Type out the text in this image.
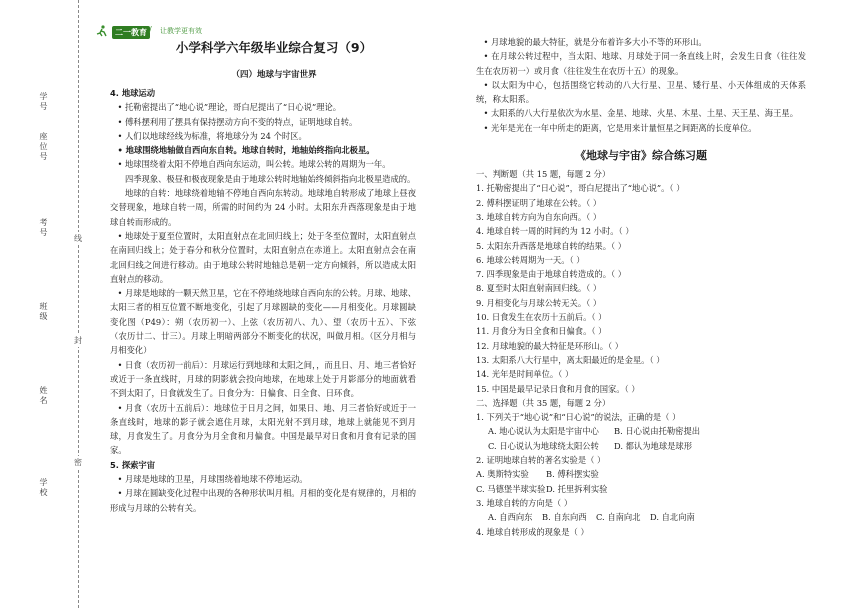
学号
座位号
考号
班级
姓名
学校
线
封
密
二一教育 / 让教学更有效
小学科学六年级毕业综合复习（9）
（四）地球与宇宙世界

4. 地球运动

• 托勒密提出了“地心说”理论，哥白尼提出了“日心说”理论。

• 傅科摆利用了摆具有保持摆动方向不变的特点，证明地球自转。

• 人们以地球经线为标准，将地球分为 24 个时区。

• 地球围绕地轴做自西向东自转。地球自转时，地轴始终指向北极星。

• 地球围绕着太阳不停地自西向东运动，叫公转。地球公转的周期为一年。

四季现象、极昼和极夜现象是由于地球公转时地轴始终倾斜指向北极星造成的。

地球的自转：地球绕着地轴不停地自西向东转动。地球地自转形成了地球上昼夜交替现象，地球自转一周，所需的时间约为 24 小时。太阳东升西落现象是由于地球自转而形成的。

• 地球处于夏至位置时，太阳直射点在北回归线上；处于冬至位置时，太阳直射点在南回归线上；处于春分和秋分位置时，太阳直射点在赤道上。太阳直射点会在南北回归线之间进行移动。由于地球公转时地轴总是朝一定方向倾斜，所以造成太阳直射点的移动。

• 月球是地球的一颗天然卫星，它在不停地绕地球自西向东的公转。月球、地球、太阳三者的相互位置不断地变化，引起了月球圆缺的变化——月相变化。月球圆缺变化图（P49）：朔（农历初一）、上弦（农历初八、九）、望（农历十五）、下弦（农历廿二、廿三）。月球上明暗两部分不断变化的状况，叫做月相。（区分月相与月相变化）

• 日食（农历初一前后）：月球运行到地球和太阳之间，，而且日、月、地三者恰好或近于一条直线时，月球的阴影就会投向地球，在地球上处于月影部分的地面就看不到太阳了，日食就发生了。日食分为：日偏食、日全食、日环食。

• 月食（农历十五前后）：地球位于日月之间，如果日、地、月三者恰好或近于一条直线时，地球的影子就会遮住月球，太阳光射不到月球，地球上就能见不到月球，月食发生了。月食分为月全食和月偏食。中国是最早对日食和月食有记录的国家。

5. 探索宇宙

• 月球是地球的卫星，月球围绕着地球不停地运动。

• 月球在圆缺变化过程中出现的各种形状叫月相。月相的变化是有规律的，月相的形成与月球的公转有关。

• 月球地貌的最大特征，就是分布着许多大小不等的环形山。

• 在月球公转过程中，当太阳、地球、月球处于同一条直线上时，会发生日食（往往发生在农历初一）或月食（往往发生在农历十五）的现象。

• 以太阳为中心，包括围绕它转动的八大行星、卫星、矮行星、小天体组成的天体系统，称太阳系。

• 太阳系的八大行星依次为水星、金星、地球、火星、木星、土星、天王星、海王星。

• 光年是光在一年中所走的距离，它是用来计量恒星之间距离的长度单位。

《地球与宇宙》综合练习题

一、判断题（共 15 题，每题 2 分）

1. 托勒密提出了“日心说”，哥白尼提出了“地心说”。（ ）

2. 傅科摆证明了地球在公转。（ ）

3. 地球自转方向为自东向西。（ ）

4. 地球自转一周的时间约为 12 小时。（ ）

5. 太阳东升西落是地球自转的结果。（ ）

6. 地球公转周期为一天。（ ）

7. 四季现象是由于地球自转造成的。（ ）

8. 夏至时太阳直射南回归线。（ ）

9. 月相变化与月球公转无关。（ ）

10. 日食发生在农历十五前后。（ ）

11. 月食分为日全食和日偏食。（ ）

12. 月球地貌的最大特征是环形山。（ ）

13. 太阳系八大行星中，离太阳最近的是金星。（ ）

14. 光年是时间单位。（ ）

15. 中国是最早记录日食和月食的国家。（ ）

二、选择题（共 35 题，每题 2 分）

1. 下列关于“地心说”和“日心说”的说法，正确的是（ ）

A. 地心说认为太阳是宇宙中心	B. 日心说由托勒密提出
C. 日心说认为地球绕太阳公转	D. 都认为地球是球形

2. 证明地球自转的著名实验是（ ）

A. 奥斯特实验	B. 傅科摆实验
C. 马德堡半球实验 D. 托里拆利实验

3. 地球自转的方向是（ ）

A. 自西向东	B. 自东向西	C. 自南向北	D. 自北向南

4. 地球自转形成的现象是（ ）
